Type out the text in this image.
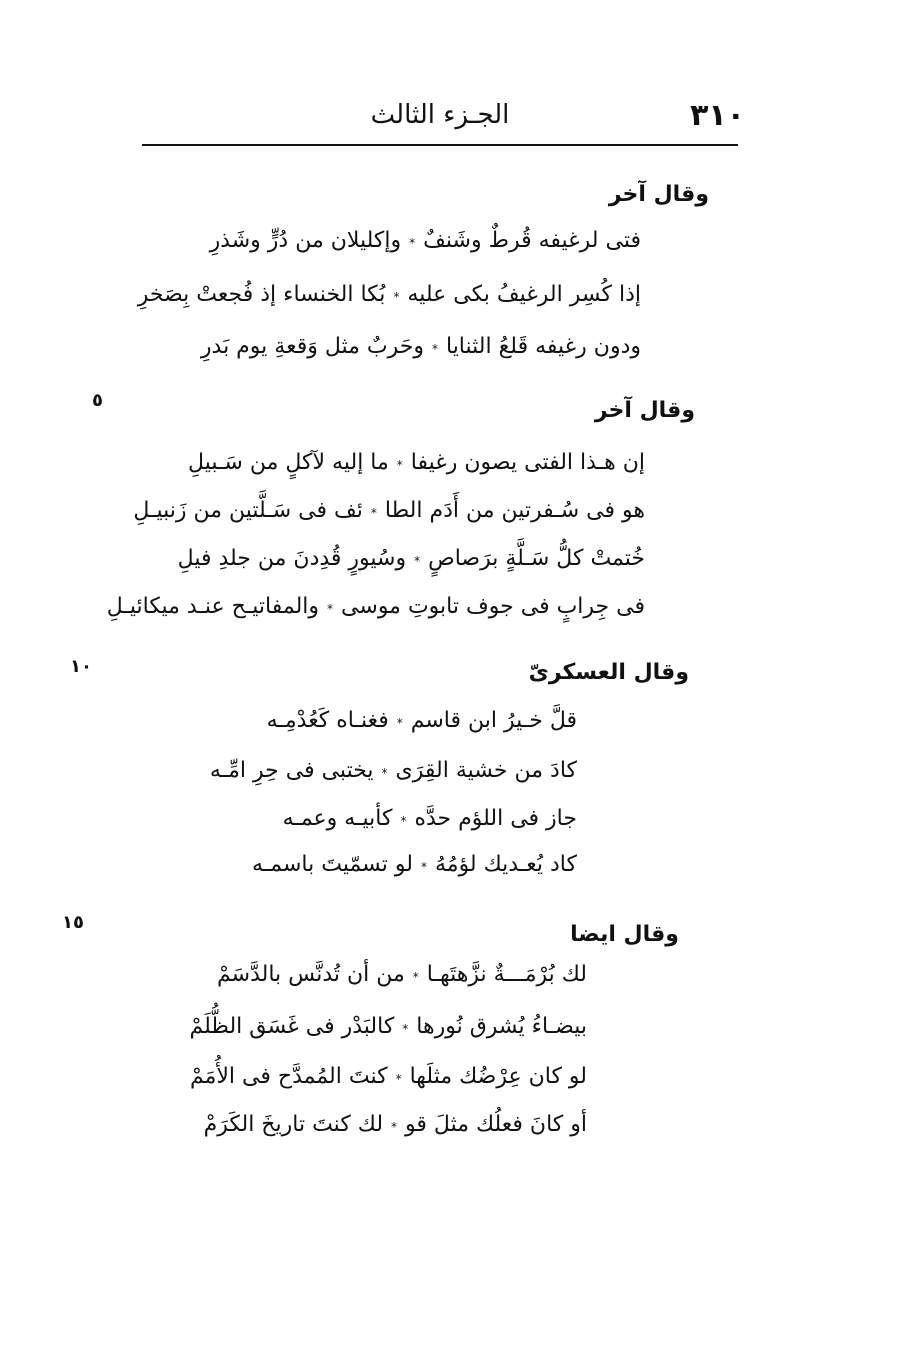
٣١٠
الجـزء الثالث
وقال آخر
فتى لرغيفه قُرطٌ وشَنفٌ
*
وإكليلان من دُرٍّ وشَذرِ
إذا كُسِر الرغيفُ بكى عليه
*
بُكا الخنساء إذ فُجعتْ بِصَخرِ
ودون رغيفه قَلعُ الثنايا
*
وحَربٌ مثل وَقعةِ يوم بَدرِ
٥	وقال آخر
إن هـذا الفتى يصون رغيفا
*
ما إليه لآكلٍ من سَـبيلِ
هو فى سُـفرتين من أَدَم الطا
*
ئف فى سَـلَّتين من زَنبيـلِ
خُتمتْ كلُّ سَـلَّةٍ برَصاصٍ
*
وسُيورٍ قُدِدنَ من جلدِ فيلِ
فى جِرابٍ فى جوف تابوتِ موسى
*
والمفاتيـح عنـد ميكائيـلِ
١٠	وقال العسكرىّ
قلَّ خـيرُ ابن قاسم
*
فغنـاه كَعُدْمِـه
كادَ من خشية القِرَى
*
يختبى فى حِرِ امِّـه
جاز فى اللؤم حدَّه
*
كأبيـه وعمـه
كاد يُعـديك لؤمُهُ
*
لو تسمّيتَ باسمـه
١٥	وقال ايضا
لك بُرْمَـــةٌ نزَّهتَهـا
*
من أن تُدنَّس بالدَّسَمْ
بيضـاءُ يُشرق نُورها
*
كالبَدْر فى غَسَق الظُّلَمْ
لو كان عِرْضُك مثلَها
*
كنتَ المُمدَّح فى الأُمَمْ
أو كانَ فعلُك مثلَ قو
*
لك كنتَ تاريخَ الكَرَمْ
